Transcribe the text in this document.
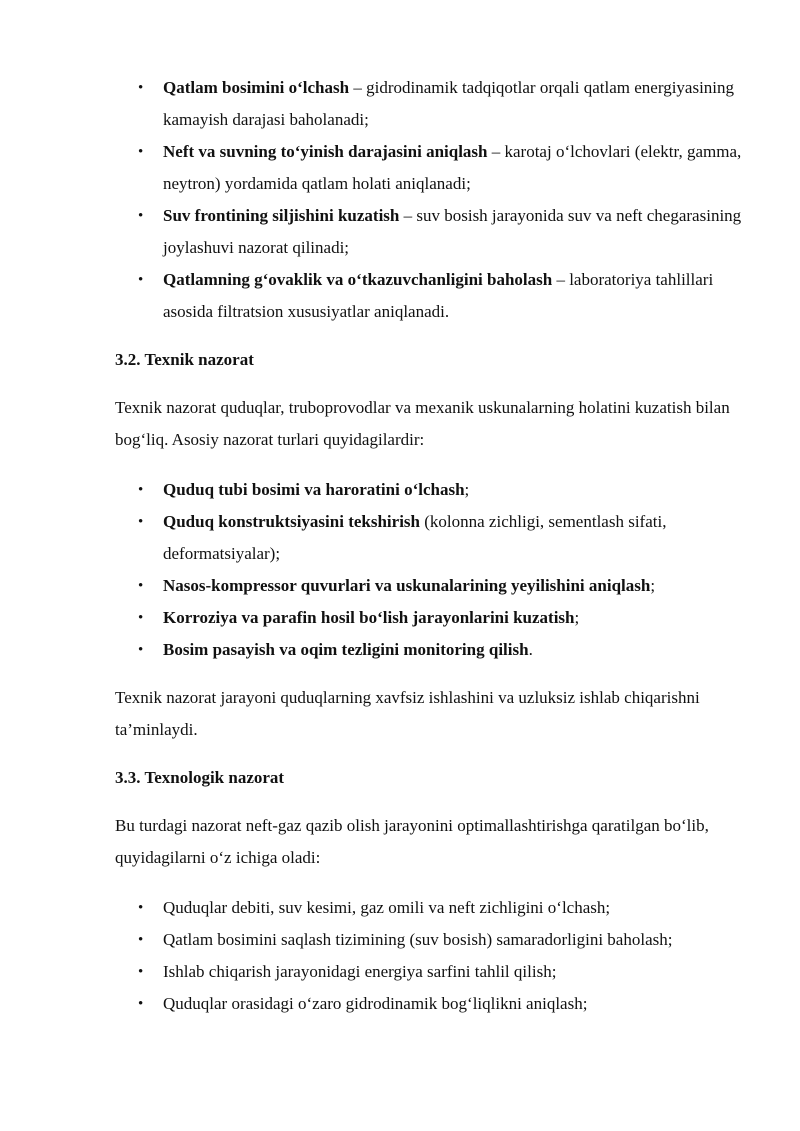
• Qatlam bosimini o‘lchash – gidrodinamik tadqiqotlar orqali qatlam energiyasining kamayish darajasi baholanadi;
• Neft va suvning to‘yinish darajasini aniqlash – karotaj o‘lchovlari (elektr, gamma, neytron) yordamida qatlam holati aniqlanadi;
• Suv frontining siljishini kuzatish – suv bosish jarayonida suv va neft chegarasining joylashuvi nazorat qilinadi;
• Qatlamning g‘ovaklik va o‘tkazuvchanligini baholash – laboratoriya tahlillari asosida filtratsion xususiyatlar aniqlanadi.

3.2. Texnik nazorat

Texnik nazorat quduqlar, truboprovodlar va mexanik uskunalarning holatini kuzatish bilan bog‘liq. Asosiy nazorat turlari quyidagilardir:

• Quduq tubi bosimi va haroratini o‘lchash;
• Quduq konstruktsiyasini tekshirish (kolonna zichligi, sementlash sifati, deformatsiyalar);
• Nasos-kompressor quvurlari va uskunalarining yeyilishini aniqlash;
• Korroziya va parafin hosil bo‘lish jarayonlarini kuzatish;
• Bosim pasayish va oqim tezligini monitoring qilish.

Texnik nazorat jarayoni quduqlarning xavfsiz ishlashini va uzluksiz ishlab chiqarishni ta’minlaydi.

3.3. Texnologik nazorat

Bu turdagi nazorat neft-gaz qazib olish jarayonini optimallashtirishga qaratilgan bo‘lib, quyidagilarni o‘z ichiga oladi:

• Quduqlar debiti, suv kesimi, gaz omili va neft zichligini o‘lchash;
• Qatlam bosimini saqlash tizimining (suv bosish) samaradorligini baholash;
• Ishlab chiqarish jarayonidagi energiya sarfini tahlil qilish;
• Quduqlar orasidagi o‘zaro gidrodinamik bog‘liqlikni aniqlash;
